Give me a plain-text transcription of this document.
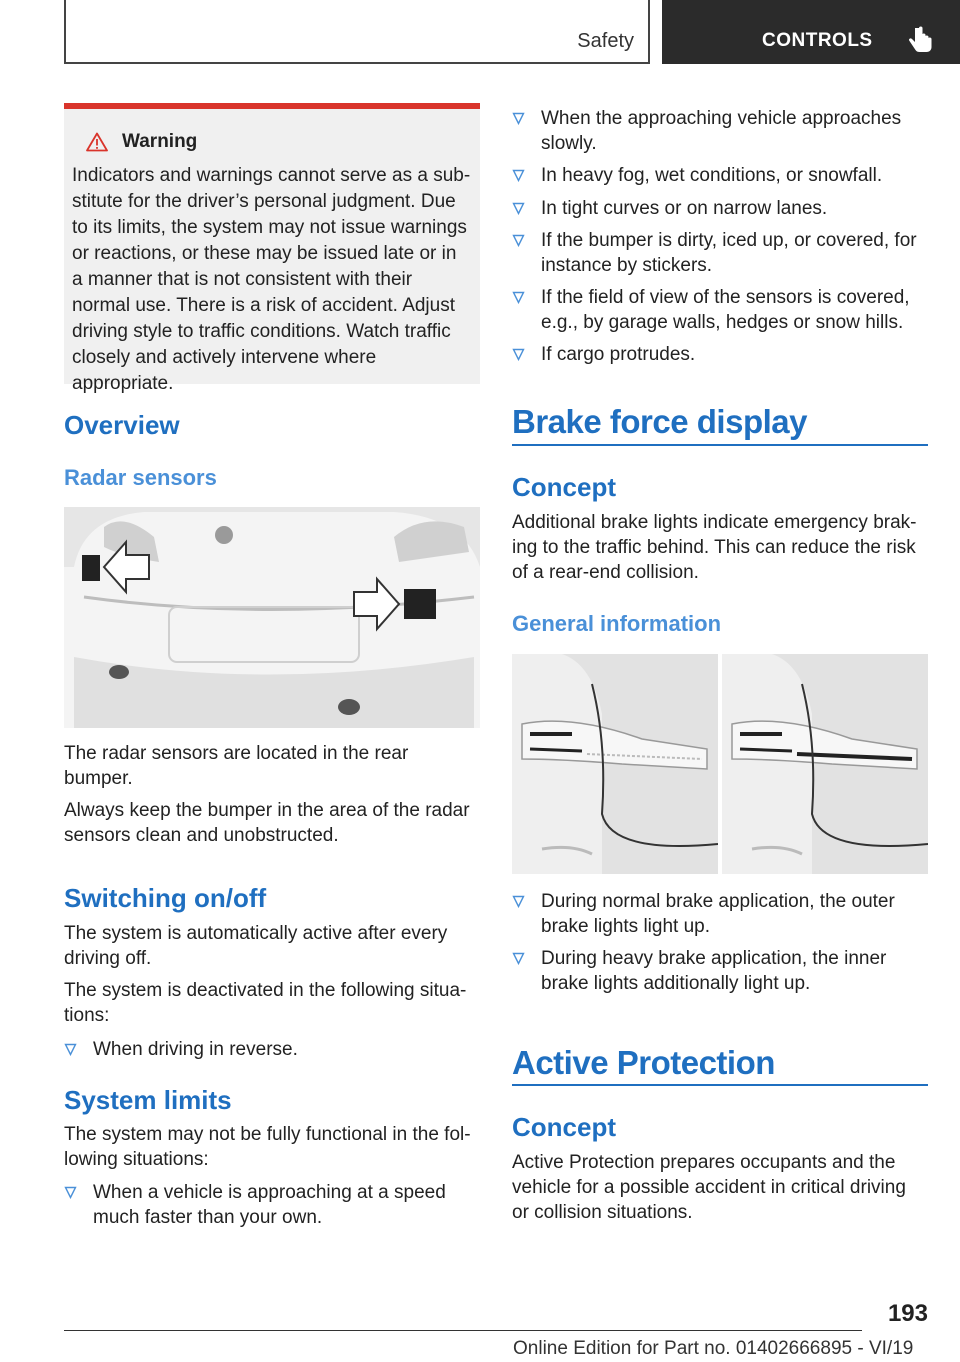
Safety	CONTROLS
Warning
Indicators and warnings cannot serve as a sub-stitute for the driver’s personal judgment. Due to its limits, the system may not issue warnings or reactions, or these may be issued late or in a manner that is not consistent with their normal use. There is a risk of accident. Adjust driving style to traffic conditions. Watch traffic closely and actively intervene where appropriate.
Overview
Radar sensors
The radar sensors are located in the rear bumper.
Always keep the bumper in the area of the radar sensors clean and unobstructed.
Switching on/off
The system is automatically active after every driving off.
The system is deactivated in the following situa-tions:
When driving in reverse.
System limits
The system may not be fully functional in the fol-lowing situations:
When a vehicle is approaching at a speed much faster than your own.
When the approaching vehicle approaches slowly.
In heavy fog, wet conditions, or snowfall.
In tight curves or on narrow lanes.
If the bumper is dirty, iced up, or covered, for instance by stickers.
If the field of view of the sensors is covered, e.g., by garage walls, hedges or snow hills.
If cargo protrudes.
Brake force display
Concept
Additional brake lights indicate emergency brak-ing to the traffic behind. This can reduce the risk of a rear-end collision.
General information
During normal brake application, the outer brake lights light up.
During heavy brake application, the inner brake lights additionally light up.
Active Protection
Concept
Active Protection prepares occupants and the vehicle for a possible accident in critical driving or collision situations.
193
Online Edition for Part no. 01402666895 - VI/19
